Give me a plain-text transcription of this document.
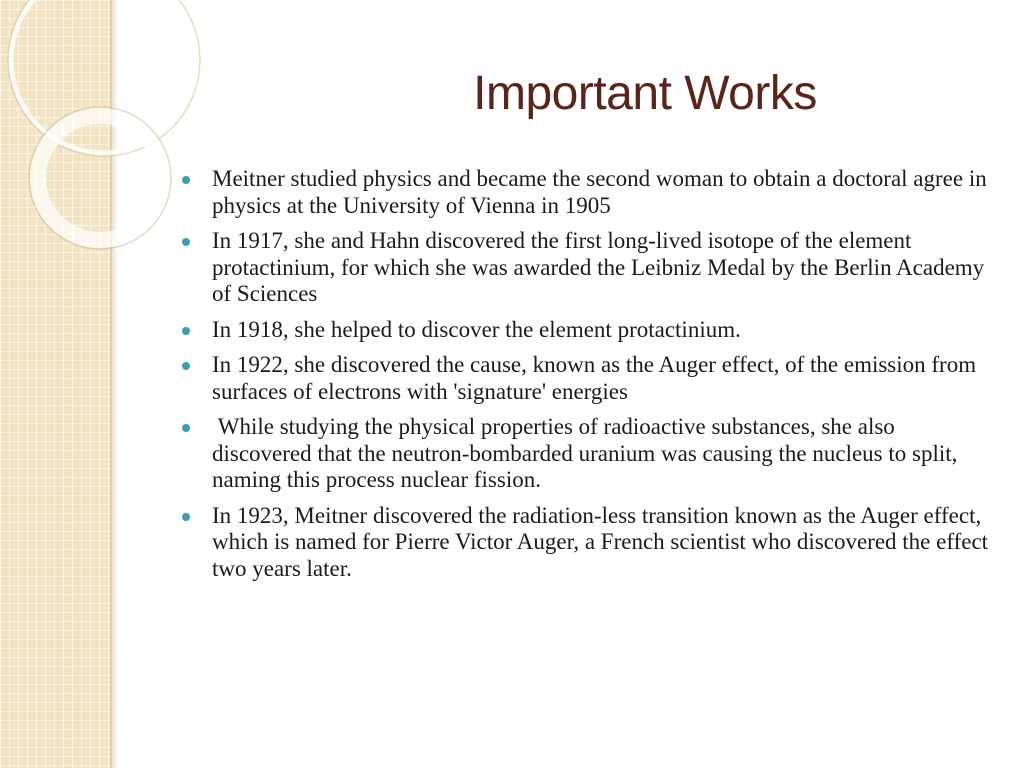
Important Works
Meitner studied physics and became the second woman to obtain a doctoral agree in physics at the University of Vienna in 1905
In 1917, she and Hahn discovered the first long-lived isotope of the element protactinium, for which she was awarded the Leibniz Medal by the Berlin Academy of Sciences
In 1918, she helped to discover the element protactinium.
In 1922, she discovered the cause, known as the Auger effect, of the emission from surfaces of electrons with 'signature' energies
While studying the physical properties of radioactive substances, she also discovered that the neutron-bombarded uranium was causing the nucleus to split, naming this process nuclear fission.
In 1923, Meitner discovered the radiation-less transition known as the Auger effect, which is named for Pierre Victor Auger, a French scientist who discovered the effect two years later.
